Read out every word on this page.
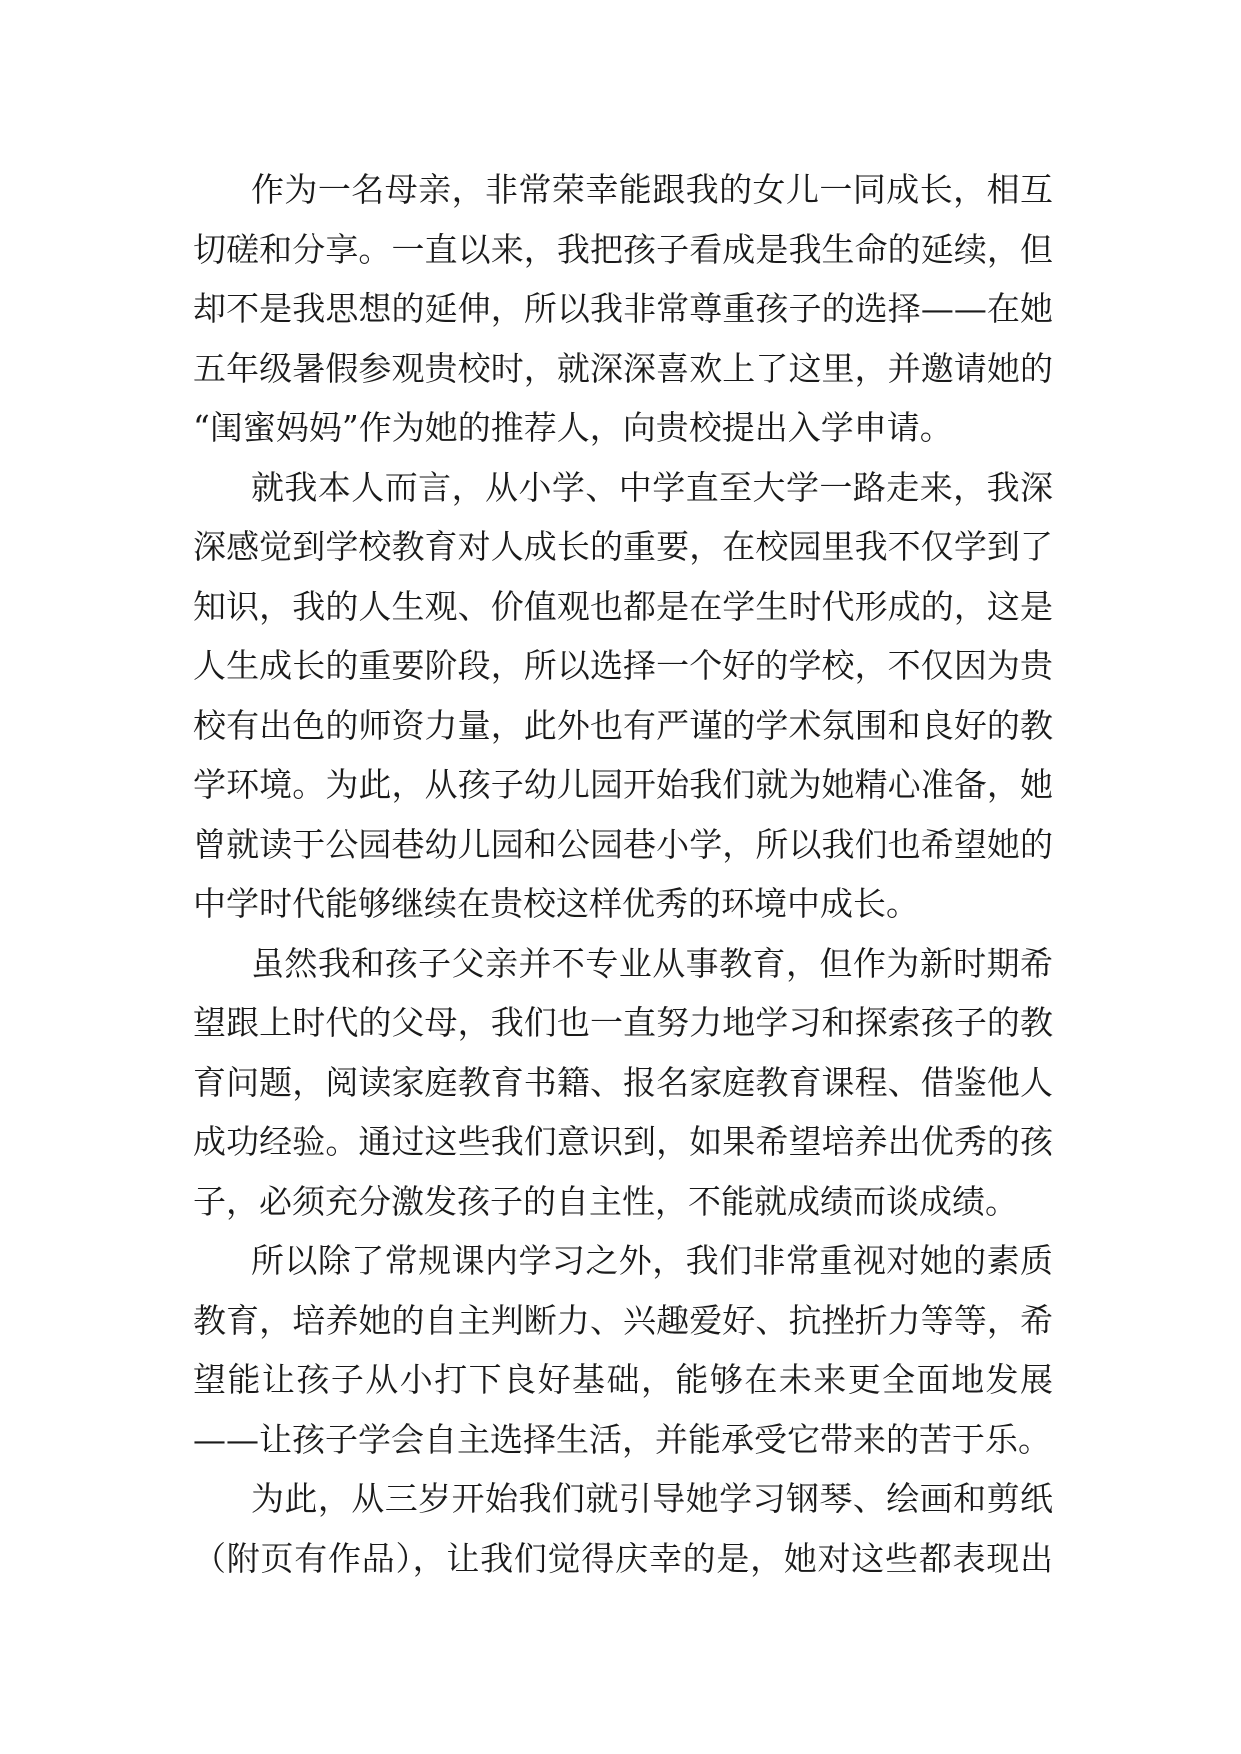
作为一名母亲，非常荣幸能跟我的女儿一同成长，相互
切磋和分享。一直以来，我把孩子看成是我生命的延续，但
却不是我思想的延伸，所以我非常尊重孩子的选择——在她
五年级暑假参观贵校时，就深深喜欢上了这里，并邀请她的
“闺蜜妈妈”作为她的推荐人，向贵校提出入学申请。
就我本人而言，从小学、中学直至大学一路走来，我深
深感觉到学校教育对人成长的重要，在校园里我不仅学到了
知识，我的人生观、价值观也都是在学生时代形成的，这是
人生成长的重要阶段，所以选择一个好的学校，不仅因为贵
校有出色的师资力量，此外也有严谨的学术氛围和良好的教
学环境。为此，从孩子幼儿园开始我们就为她精心准备，她
曾就读于公园巷幼儿园和公园巷小学，所以我们也希望她的
中学时代能够继续在贵校这样优秀的环境中成长。
虽然我和孩子父亲并不专业从事教育，但作为新时期希
望跟上时代的父母，我们也一直努力地学习和探索孩子的教
育问题，阅读家庭教育书籍、报名家庭教育课程、借鉴他人
成功经验。通过这些我们意识到，如果希望培养出优秀的孩
子，必须充分激发孩子的自主性，不能就成绩而谈成绩。
所以除了常规课内学习之外，我们非常重视对她的素质
教育，培养她的自主判断力、兴趣爱好、抗挫折力等等，希
望能让孩子从小打下良好基础，能够在未来更全面地发展
——让孩子学会自主选择生活，并能承受它带来的苦于乐。
为此，从三岁开始我们就引导她学习钢琴、绘画和剪纸
（附页有作品），让我们觉得庆幸的是，她对这些都表现出
